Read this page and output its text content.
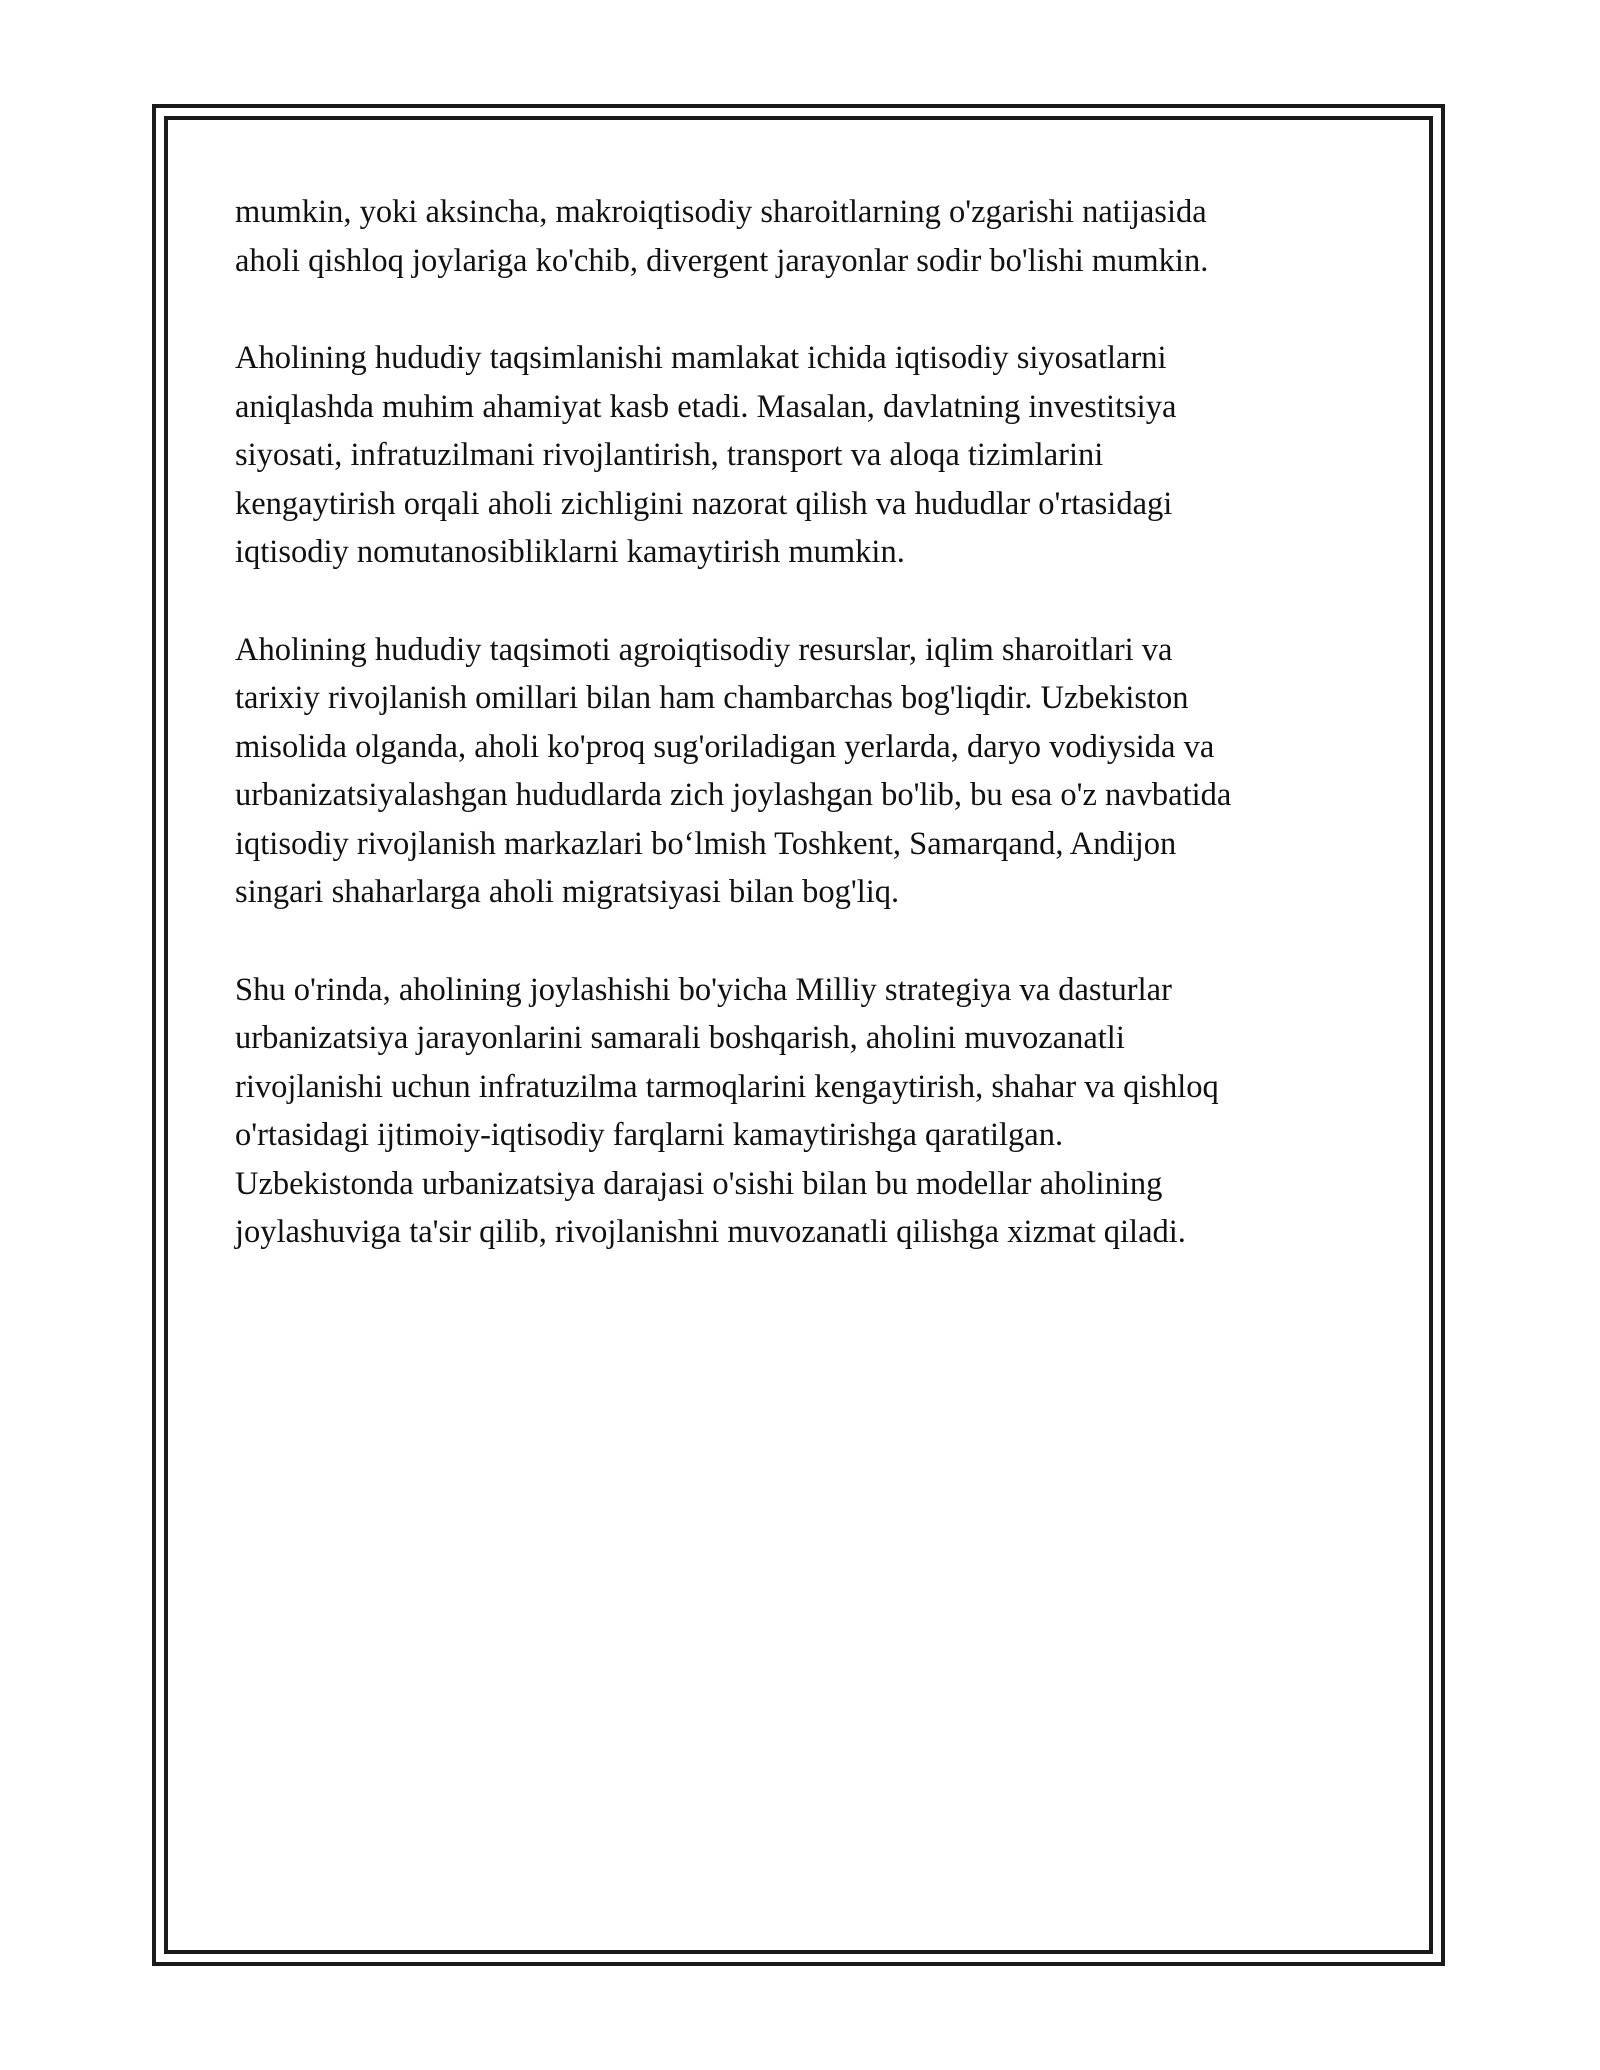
mumkin, yoki aksincha, makroiqtisodiy sharoitlarning o'zgarishi natijasida
aholi qishloq joylariga ko'chib, divergent jarayonlar sodir bo'lishi mumkin.

Aholining hududiy taqsimlanishi mamlakat ichida iqtisodiy siyosatlarni
aniqlashda muhim ahamiyat kasb etadi. Masalan, davlatning investitsiya
siyosati, infratuzilmani rivojlantirish, transport va aloqa tizimlarini
kengaytirish orqali aholi zichligini nazorat qilish va hududlar o'rtasidagi
iqtisodiy nomutanosibliklarni kamaytirish mumkin.

Aholining hududiy taqsimoti agroiqtisodiy resurslar, iqlim sharoitlari va
tarixiy rivojlanish omillari bilan ham chambarchas bog'liqdir. Uzbekiston
misolida olganda, aholi ko'proq sug'oriladigan yerlarda, daryo vodiysida va
urbanizatsiyalashgan hududlarda zich joylashgan bo'lib, bu esa o'z navbatida
iqtisodiy rivojlanish markazlari bo‘lmish Toshkent, Samarqand, Andijon
singari shaharlarga aholi migratsiyasi bilan bog'liq.

Shu o'rinda, aholining joylashishi bo'yicha Milliy strategiya va dasturlar
urbanizatsiya jarayonlarini samarali boshqarish, aholini muvozanatli
rivojlanishi uchun infratuzilma tarmoqlarini kengaytirish, shahar va qishloq
o'rtasidagi ijtimoiy-iqtisodiy farqlarni kamaytirishga qaratilgan.
Uzbekistonda urbanizatsiya darajasi o'sishi bilan bu modellar aholining
joylashuviga ta'sir qilib, rivojlanishni muvozanatli qilishga xizmat qiladi.
